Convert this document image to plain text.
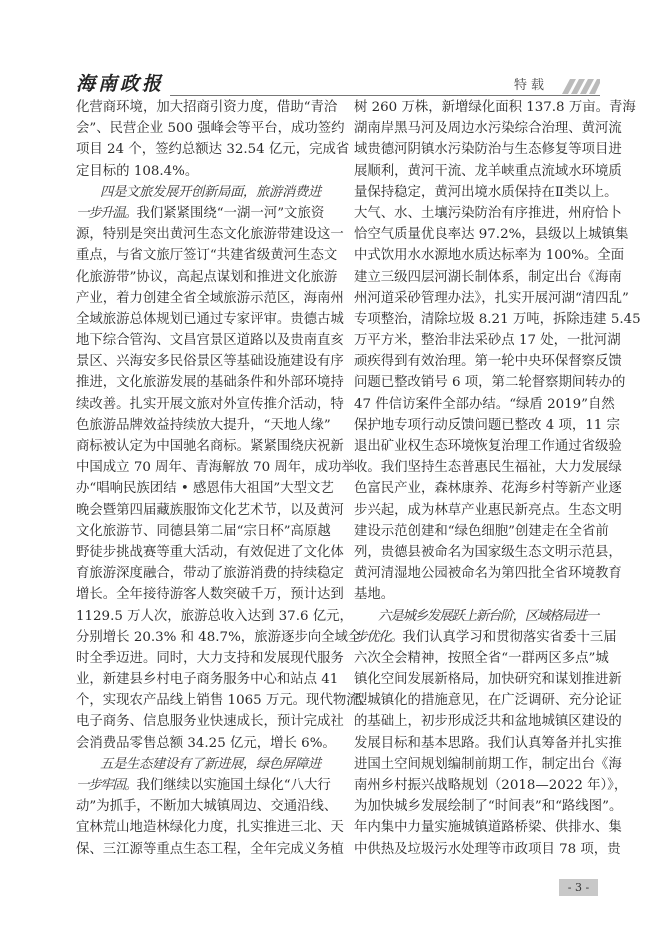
海南政报	特载
化营商环境，加大招商引资力度，借助“青洽
会”、民营企业 500 强峰会等平台，成功签约
项目 24 个，签约总额达 32.54 亿元，完成省
定目标的 108.4%。
四是文旅发展开创新局面，旅游消费进
一步升温。我们紧紧围绕“一湖一河”文旅资
源，特别是突出黄河生态文化旅游带建设这一
重点，与省文旅厅签订“共建省级黄河生态文
化旅游带”协议，高起点谋划和推进文化旅游
产业，着力创建全省全域旅游示范区，海南州
全域旅游总体规划已通过专家评审。贵德古城
地下综合管沟、文昌宫景区道路以及贵南直亥
景区、兴海安多民俗景区等基础设施建设有序
推进，文化旅游发展的基础条件和外部环境持
续改善。扎实开展文旅对外宣传推介活动，特
色旅游品牌效益持续放大提升，“天地人缘”
商标被认定为中国驰名商标。紧紧围绕庆祝新
中国成立 70 周年、青海解放 70 周年，成功举
办“唱响民族团结 • 感恩伟大祖国”大型文艺
晚会暨第四届藏族服饰文化艺术节，以及黄河
文化旅游节、同德县第二届“宗日杯”高原越
野徒步挑战赛等重大活动，有效促进了文化体
育旅游深度融合，带动了旅游消费的持续稳定
增长。全年接待游客人数突破千万，预计达到
1129.5 万人次，旅游总收入达到 37.6 亿元，
分别增长 20.3% 和 48.7%，旅游逐步向全域全
时全季迈进。同时，大力支持和发展现代服务
业，新建县乡村电子商务服务中心和站点 41
个，实现农产品线上销售 1065 万元。现代物流、
电子商务、信息服务业快速成长，预计完成社
会消费品零售总额 34.25 亿元，增长 6%。
五是生态建设有了新进展，绿色屏障进
一步牢固。我们继续以实施国土绿化“八大行
动”为抓手，不断加大城镇周边、交通沿线、
宜林荒山地造林绿化力度，扎实推进三北、天
保、三江源等重点生态工程，全年完成义务植
树 260 万株，新增绿化面积 137.8 万亩。青海
湖南岸黑马河及周边水污染综合治理、黄河流
域贵德河阴镇水污染防治与生态修复等项目进
展顺利，黄河干流、龙羊峡重点流域水环境质
量保持稳定，黄河出境水质保持在Ⅱ类以上。
大气、水、土壤污染防治有序推进，州府恰卜
恰空气质量优良率达 97.2%，县级以上城镇集
中式饮用水水源地水质达标率为 100%。全面
建立三级四层河湖长制体系，制定出台《海南
州河道采砂管理办法》，扎实开展河湖“清四乱”
专项整治，清除垃圾 8.21 万吨，拆除违建 5.45
万平方米，整治非法采砂点 17 处，一批河湖
顽疾得到有效治理。第一轮中央环保督察反馈
问题已整改销号 6 项，第二轮督察期间转办的
47 件信访案件全部办结。“绿盾 2019”自然
保护地专项行动反馈问题已整改 4 项，11 宗
退出矿业权生态环境恢复治理工作通过省级验
收。我们坚持生态普惠民生福祉，大力发展绿
色富民产业，森林康养、花海乡村等新产业逐
步兴起，成为林草产业惠民新亮点。生态文明
建设示范创建和“绿色细胞”创建走在全省前
列，贵德县被命名为国家级生态文明示范县，
黄河清湿地公园被命名为第四批全省环境教育
基地。
六是城乡发展跃上新台阶，区域格局进一
步优化。我们认真学习和贯彻落实省委十三届
六次全会精神，按照全省“一群两区多点”城
镇化空间发展新格局，加快研究和谋划推进新
型城镇化的措施意见，在广泛调研、充分论证
的基础上，初步形成泛共和盆地城镇区建设的
发展目标和基本思路。我们认真筹备并扎实推
进国土空间规划编制前期工作，制定出台《海
南州乡村振兴战略规划（2018—2022 年）》，
为加快城乡发展绘制了“时间表”和“路线图”。
年内集中力量实施城镇道路桥梁、供排水、集
中供热及垃圾污水处理等市政项目 78 项，贵
- 3 -
